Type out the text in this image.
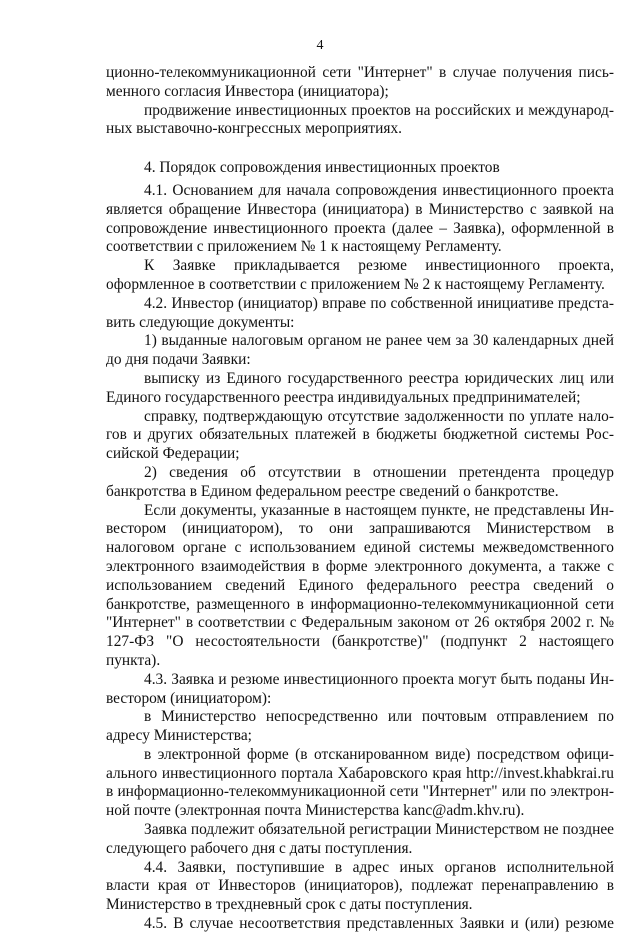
4

ционно-телекоммуникационной сети "Интернет" в случае получения письменного согласия Инвестора (инициатора);

продвижение инвестиционных проектов на российских и международных выставочно-конгрессных мероприятиях.

4. Порядок сопровождения инвестиционных проектов

4.1. Основанием для начала сопровождения инвестиционного проекта является обращение Инвестора (инициатора) в Министерство с заявкой на сопровождение инвестиционного проекта (далее – Заявка), оформленной в соответствии с приложением № 1 к настоящему Регламенту.

К Заявке прикладывается резюме инвестиционного проекта, оформленное в соответствии с приложением № 2 к настоящему Регламенту.

4.2. Инвестор (инициатор) вправе по собственной инициативе представить следующие документы:

1) выданные налоговым органом не ранее чем за 30 календарных дней до дня подачи Заявки:

выписку из Единого государственного реестра юридических лиц или Единого государственного реестра индивидуальных предпринимателей;

справку, подтверждающую отсутствие задолженности по уплате налогов и других обязательных платежей в бюджеты бюджетной системы Российской Федерации;

2) сведения об отсутствии в отношении претендента процедур банкротства в Едином федеральном реестре сведений о банкротстве.

Если документы, указанные в настоящем пункте, не представлены Инвестором (инициатором), то они запрашиваются Министерством в налоговом органе с использованием единой системы межведомственного электронного взаимодействия в форме электронного документа, а также с использованием сведений Единого федерального реестра сведений о банкротстве, размещенного в информационно-телекоммуникационной сети "Интернет" в соответствии с Федеральным законом от 26 октября 2002 г. № 127-ФЗ "О несостоятельности (банкротстве)" (подпункт 2 настоящего пункта).

4.3. Заявка и резюме инвестиционного проекта могут быть поданы Инвестором (инициатором):

в Министерство непосредственно или почтовым отправлением по адресу Министерства;

в электронной форме (в отсканированном виде) посредством официального инвестиционного портала Хабаровского края http://invest.khabkrai.ru в информационно-телекоммуникационной сети "Интернет" или по электронной почте (электронная почта Министерства kanc@adm.khv.ru).

Заявка подлежит обязательной регистрации Министерством не позднее следующего рабочего дня с даты поступления.

4.4. Заявки, поступившие в адрес иных органов исполнительной власти края от Инвесторов (инициаторов), подлежат перенаправлению в Министерство в трехдневный срок с даты поступления.

4.5. В случае несоответствия представленных Заявки и (или) резюме
